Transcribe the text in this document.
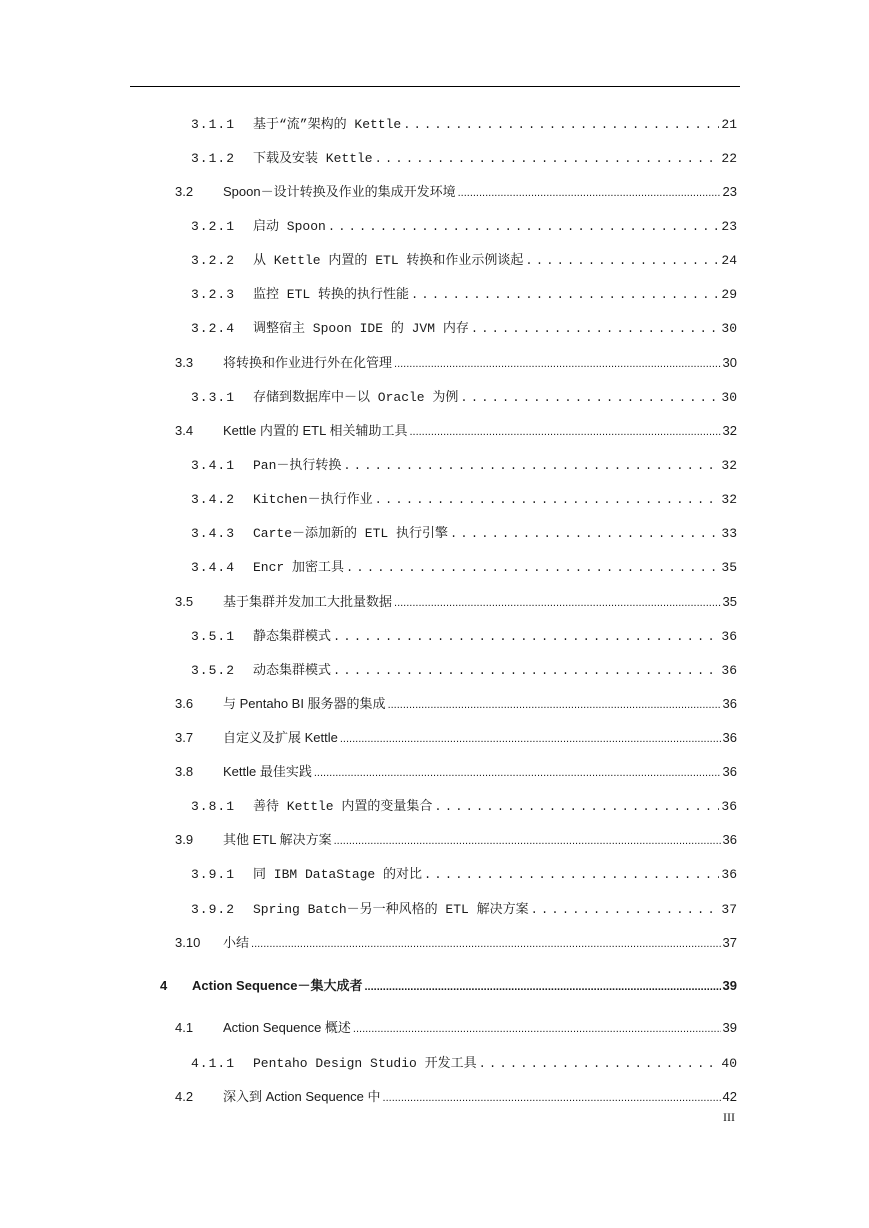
3.1.1	基于“流”架构的 Kettle .....	21
3.1.2	下载及安装 Kettle .....	22
3.2	Spoon－设计转换及作业的集成开发环境 .....	23
3.2.1	启动 Spoon .....	23
3.2.2	从 Kettle 内置的 ETL 转换和作业示例谈起 .....	24
3.2.3	监控 ETL 转换的执行性能 .....	29
3.2.4	调整宿主 Spoon IDE 的 JVM 内存 .....	30
3.3	将转换和作业进行外在化管理 .....	30
3.3.1	存储到数据库中－以 Oracle 为例 .....	30
3.4	Kettle 内置的 ETL 相关辅助工具 .....	32
3.4.1	Pan－执行转换 .....	32
3.4.2	Kitchen－执行作业 .....	32
3.4.3	Carte－添加新的 ETL 执行引擎 .....	33
3.4.4	Encr 加密工具 .....	35
3.5	基于集群并发加工大批量数据 .....	35
3.5.1	静态集群模式 .....	36
3.5.2	动态集群模式 .....	36
3.6	与 Pentaho BI 服务器的集成 .....	36
3.7	自定义及扩展 Kettle .....	36
3.8	Kettle 最佳实践 .....	36
3.8.1	善待 Kettle 内置的变量集合 .....	36
3.9	其他 ETL 解决方案 .....	36
3.9.1	同 IBM DataStage 的对比 .....	36
3.9.2	Spring Batch－另一种风格的 ETL 解决方案 .....	37
3.10	小结 .....	37
4	Action Sequence－集大成者 .....	39
4.1	Action Sequence 概述 .....	39
4.1.1	Pentaho Design Studio 开发工具 .....	40
4.2	深入到 Action Sequence 中 .....	42
III
